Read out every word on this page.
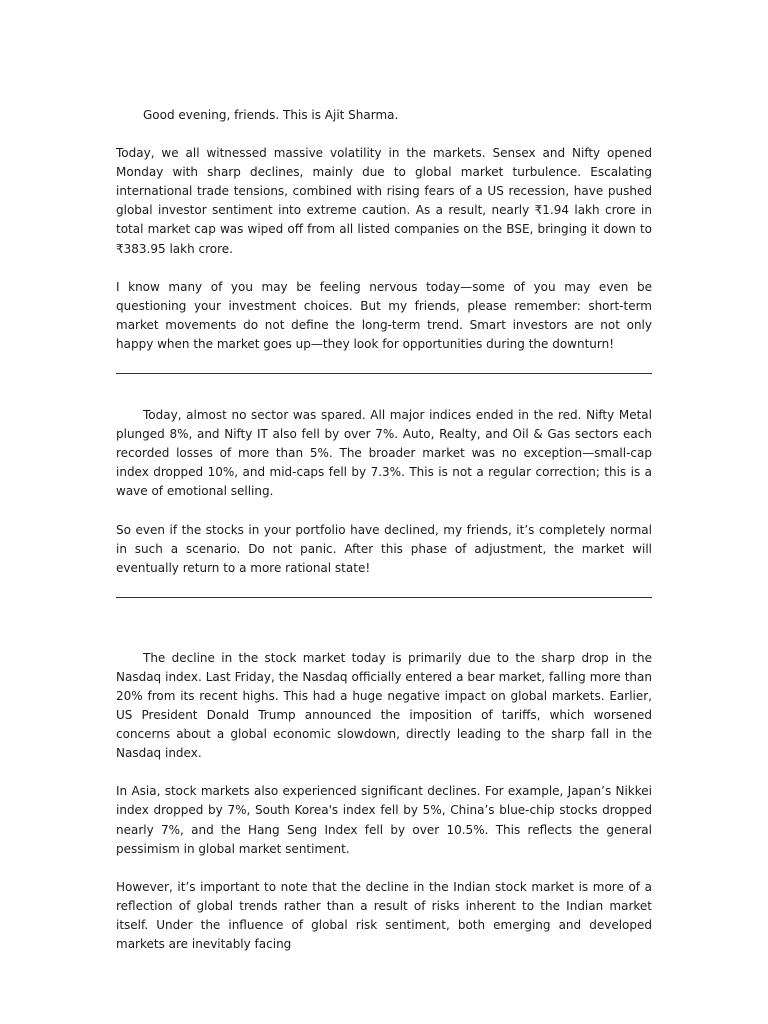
Good evening, friends. This is Ajit Sharma.

Today, we all witnessed massive volatility in the markets. Sensex and Nifty opened Monday with sharp declines, mainly due to global market turbulence. Escalating international trade tensions, combined with rising fears of a US recession, have pushed global investor sentiment into extreme caution. As a result, nearly ₹1.94 lakh crore in total market cap was wiped off from all listed companies on the BSE, bringing it down to ₹383.95 lakh crore.

I know many of you may be feeling nervous today—some of you may even be questioning your investment choices. But my friends, please remember: short-term market movements do not define the long-term trend. Smart investors are not only happy when the market goes up—they look for opportunities during the downturn!

Today, almost no sector was spared. All major indices ended in the red. Nifty Metal plunged 8%, and Nifty IT also fell by over 7%. Auto, Realty, and Oil & Gas sectors each recorded losses of more than 5%. The broader market was no exception—small-cap index dropped 10%, and mid-caps fell by 7.3%. This is not a regular correction; this is a wave of emotional selling.

So even if the stocks in your portfolio have declined, my friends, it’s completely normal in such a scenario. Do not panic. After this phase of adjustment, the market will eventually return to a more rational state!

The decline in the stock market today is primarily due to the sharp drop in the Nasdaq index. Last Friday, the Nasdaq officially entered a bear market, falling more than 20% from its recent highs. This had a huge negative impact on global markets. Earlier, US President Donald Trump announced the imposition of tariffs, which worsened concerns about a global economic slowdown, directly leading to the sharp fall in the Nasdaq index.

In Asia, stock markets also experienced significant declines. For example, Japan’s Nikkei index dropped by 7%, South Korea's index fell by 5%, China’s blue-chip stocks dropped nearly 7%, and the Hang Seng Index fell by over 10.5%. This reflects the general pessimism in global market sentiment.

However, it’s important to note that the decline in the Indian stock market is more of a reflection of global trends rather than a result of risks inherent to the Indian market itself. Under the influence of global risk sentiment, both emerging and developed markets are inevitably facing
